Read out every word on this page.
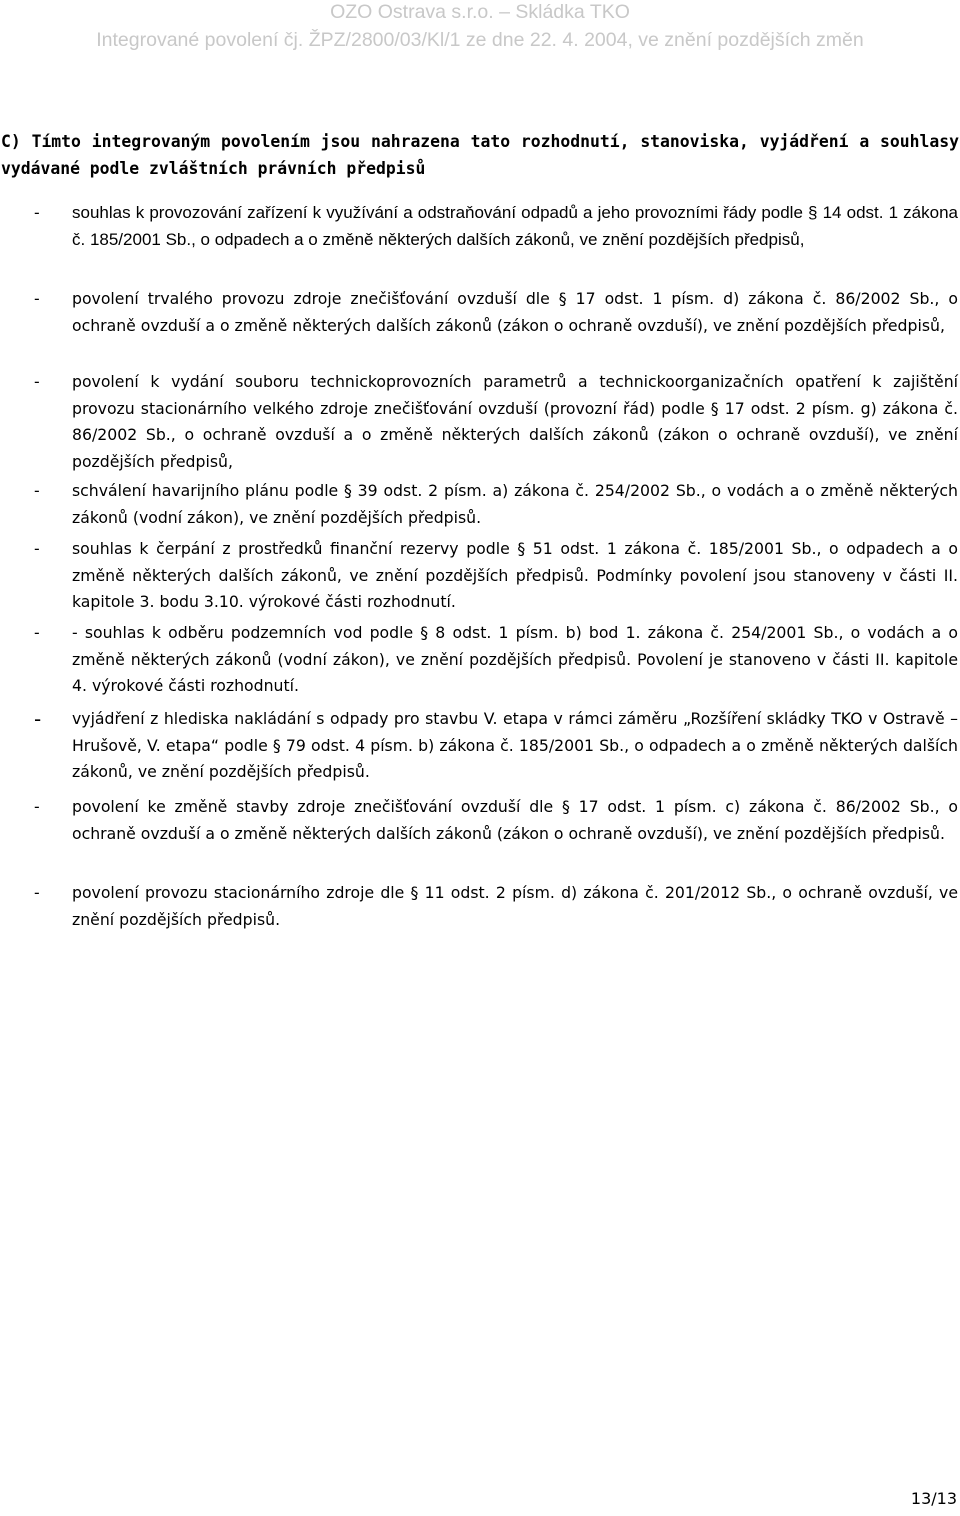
OZO Ostrava s.r.o. – Skládka TKO
Integrované povolení čj. ŽPZ/2800/03/Kl/1 ze dne 22. 4. 2004, ve znění pozdějších změn
C) Tímto integrovaným povolením jsou nahrazena tato rozhodnutí, stanoviska, vyjádření a souhlasy vydávané podle zvláštních právních předpisů
-	souhlas k provozování zařízení k využívání a odstraňování odpadů a jeho provozními řády podle § 14 odst. 1 zákona č. 185/2001 Sb., o odpadech a o změně některých dalších zákonů, ve znění pozdějších předpisů,
-	povolení trvalého provozu zdroje znečišťování ovzduší dle § 17 odst. 1 písm. d) zákona č. 86/2002 Sb., o ochraně ovzduší a o změně některých dalších zákonů (zákon o ochraně ovzduší), ve znění pozdějších předpisů,
-	povolení k vydání souboru technickoprovozních parametrů a technickoorganizačních opatření k zajištění provozu stacionárního velkého zdroje znečišťování ovzduší (provozní řád) podle § 17 odst. 2 písm. g) zákona č. 86/2002 Sb., o ochraně ovzduší a o změně některých dalších zákonů (zákon o ochraně ovzduší), ve znění pozdějších předpisů,
-	schválení havarijního plánu podle § 39 odst. 2 písm. a) zákona č. 254/2002 Sb., o vodách a o změně některých zákonů (vodní zákon), ve znění pozdějších předpisů.
-	souhlas k čerpání z prostředků finanční rezervy podle § 51 odst. 1 zákona č. 185/2001 Sb., o odpadech a o změně některých dalších zákonů, ve znění pozdějších předpisů. Podmínky povolení jsou stanoveny v části II. kapitole 3. bodu 3.10. výrokové části rozhodnutí.
-	- souhlas k odběru podzemních vod podle § 8 odst. 1 písm. b) bod 1. zákona č. 254/2001 Sb., o vodách a o změně některých zákonů (vodní zákon), ve znění pozdějších předpisů. Povolení je stanoveno v části II. kapitole 4. výrokové části rozhodnutí.
-	vyjádření z hlediska nakládání s odpady pro stavbu V. etapa v rámci záměru „Rozšíření skládky TKO v Ostravě – Hrušově, V. etapa“ podle § 79 odst. 4 písm. b) zákona č. 185/2001 Sb., o odpadech a o změně některých dalších zákonů, ve znění pozdějších předpisů.
-	povolení ke změně stavby zdroje znečišťování ovzduší dle § 17 odst. 1 písm. c) zákona č. 86/2002 Sb., o ochraně ovzduší a o změně některých dalších zákonů (zákon o ochraně ovzduší), ve znění pozdějších předpisů.
-	povolení provozu stacionárního zdroje dle § 11 odst. 2 písm. d) zákona č. 201/2012 Sb., o ochraně ovzduší, ve znění pozdějších předpisů.
13/13
